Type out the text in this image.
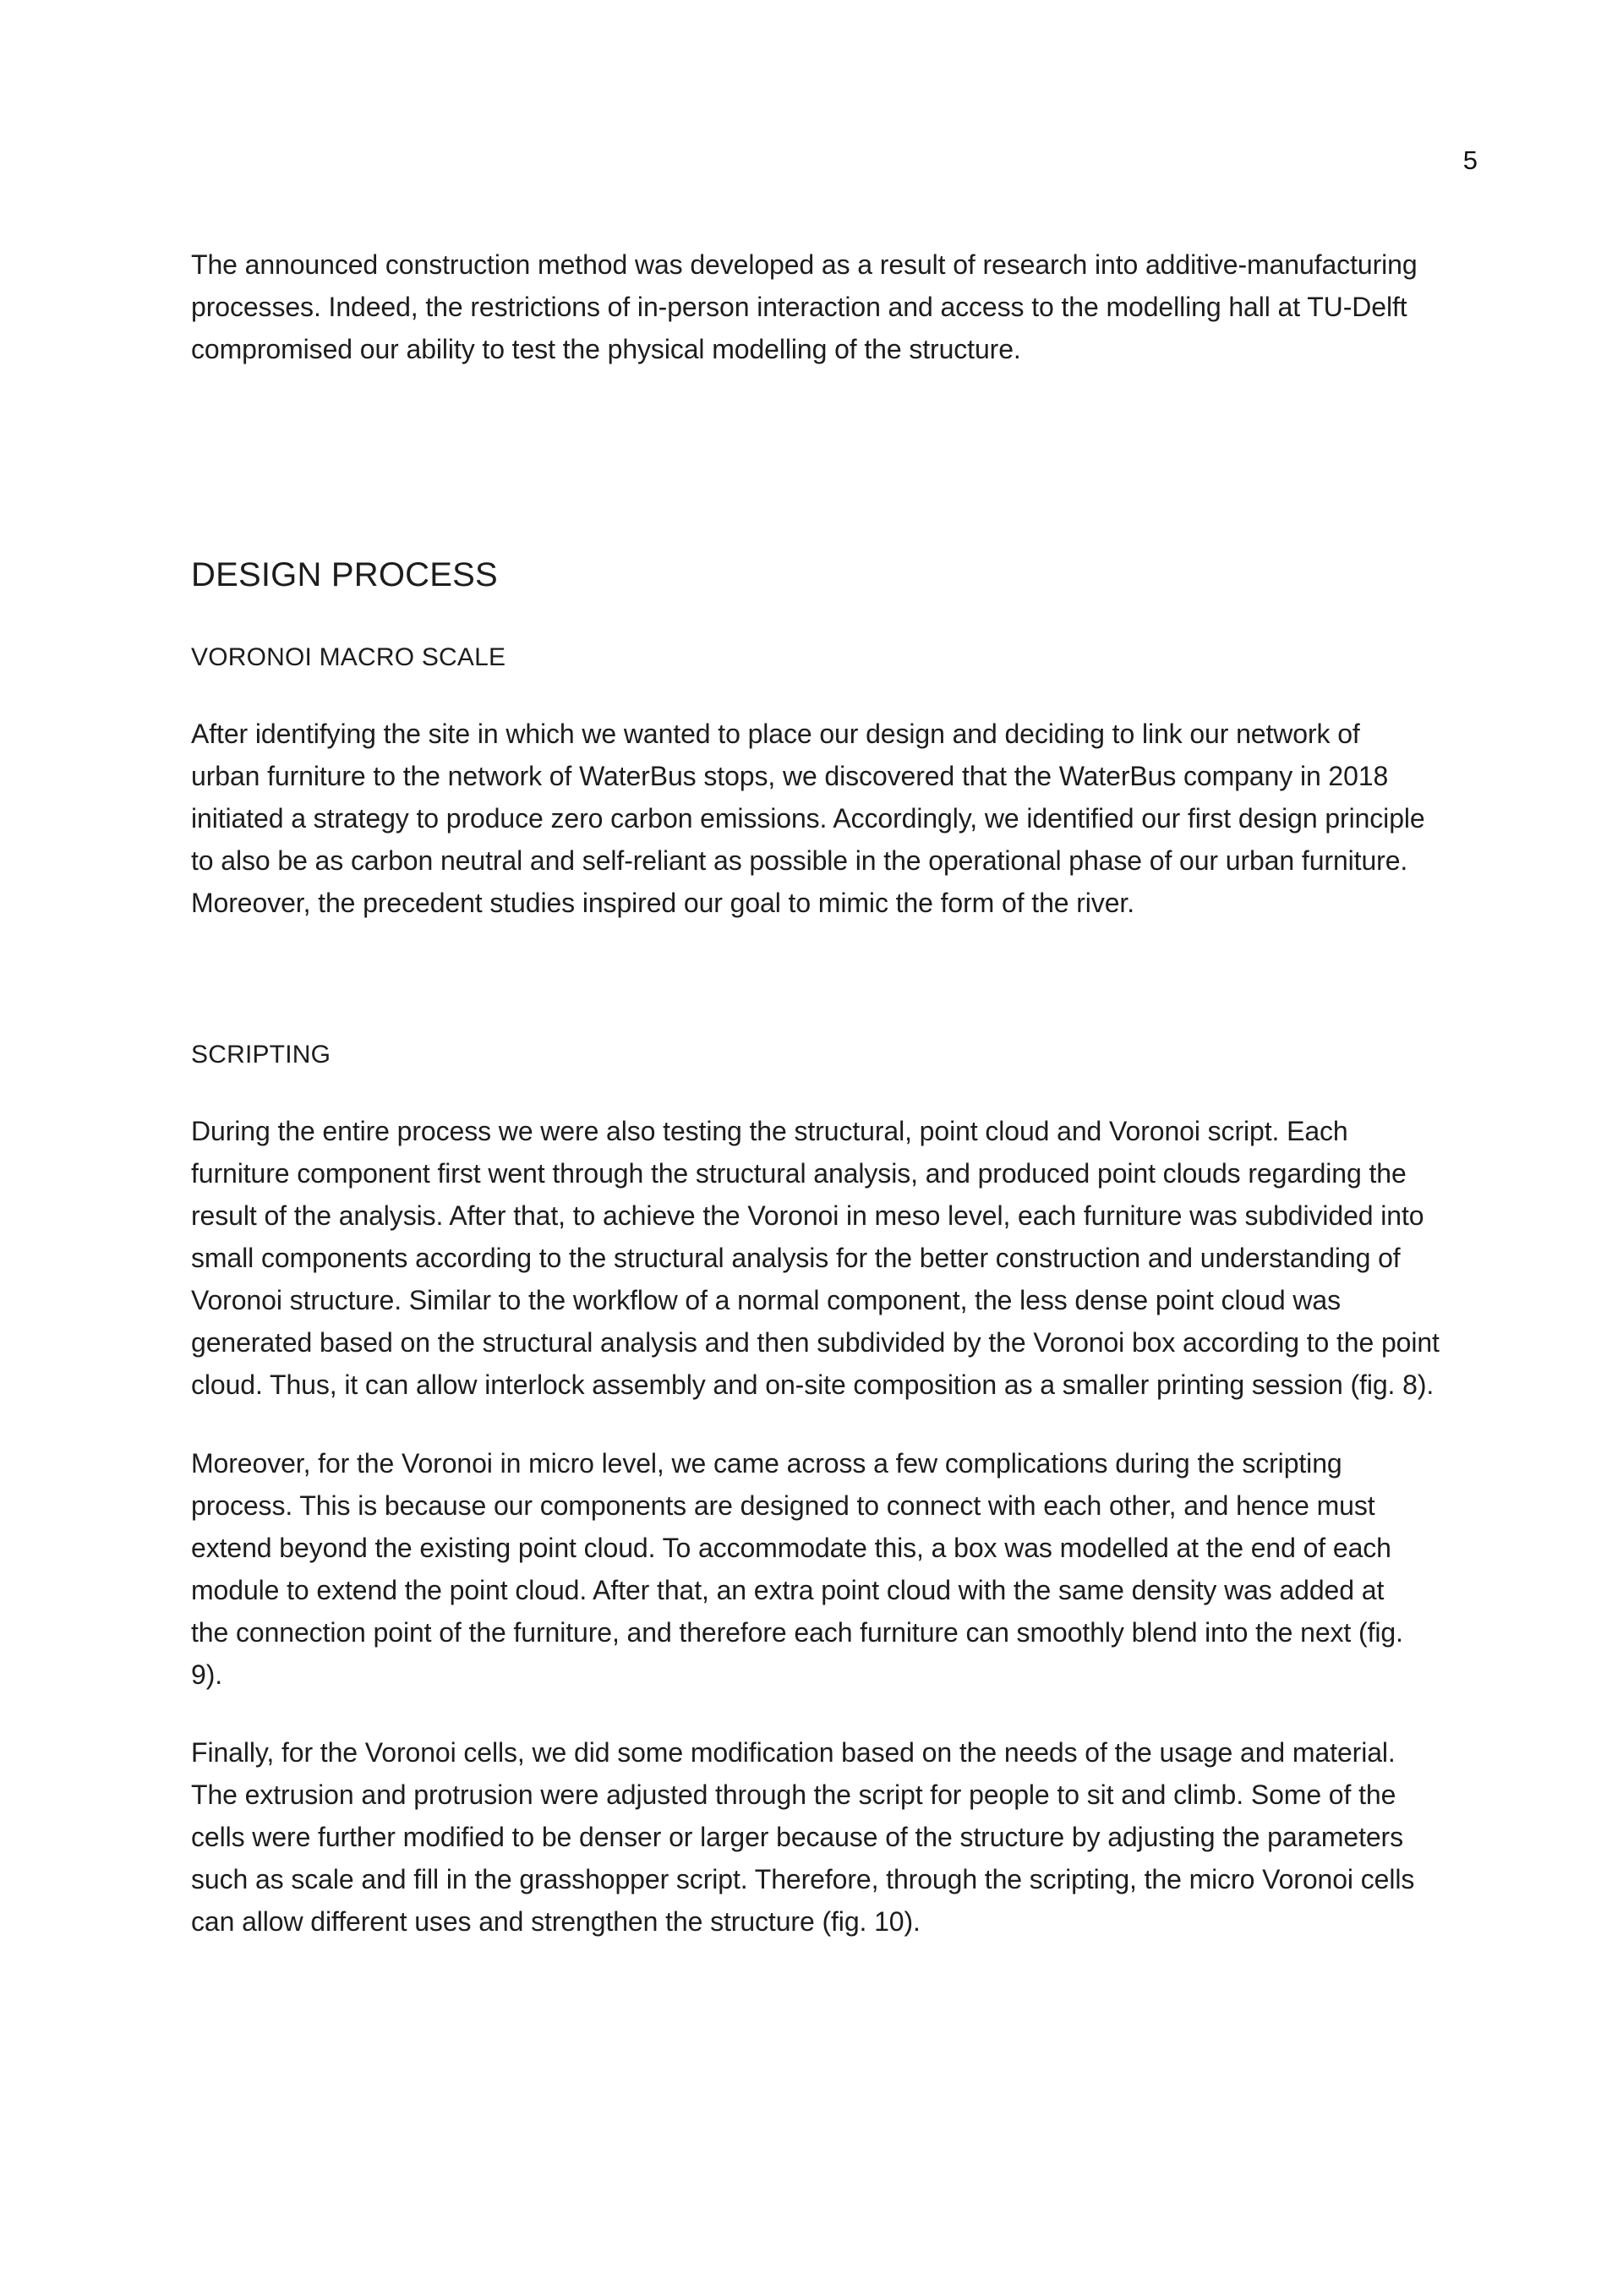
5

The announced construction method was developed as a result of research into additive-manufacturing
processes. Indeed, the restrictions of in-person interaction and access to the modelling hall at TU-Delft
compromised our ability to test the physical modelling of the structure.

DESIGN PROCESS
VORONOI MACRO SCALE

After identifying the site in which we wanted to place our design and deciding to link our network of
urban furniture to the network of WaterBus stops, we discovered that the WaterBus company in 2018
initiated a strategy to produce zero carbon emissions. Accordingly, we identified our first design principle
to also be as carbon neutral and self-reliant as possible in the operational phase of our urban furniture.
Moreover, the precedent studies inspired our goal to mimic the form of the river.

SCRIPTING

During the entire process we were also testing the structural, point cloud and Voronoi script. Each
furniture component first went through the structural analysis, and produced point clouds regarding the
result of the analysis. After that, to achieve the Voronoi in meso level, each furniture was subdivided into
small components according to the structural analysis for the better construction and understanding of
Voronoi structure. Similar to the workflow of a normal component, the less dense point cloud was
generated based on the structural analysis and then subdivided by the Voronoi box according to the point
cloud. Thus, it can allow interlock assembly and on-site composition as a smaller printing session (fig. 8).

Moreover, for the Voronoi in micro level, we came across a few complications during the scripting
process. This is because our components are designed to connect with each other, and hence must
extend beyond the existing point cloud. To accommodate this, a box was modelled at the end of each
module to extend the point cloud. After that, an extra point cloud with the same density was added at
the connection point of the furniture, and therefore each furniture can smoothly blend into the next (fig.
9).

Finally, for the Voronoi cells, we did some modification based on the needs of the usage and material.
The extrusion and protrusion were adjusted through the script for people to sit and climb. Some of the
cells were further modified to be denser or larger because of the structure by adjusting the parameters
such as scale and fill in the grasshopper script. Therefore, through the scripting, the micro Voronoi cells
can allow different uses and strengthen the structure (fig. 10).
